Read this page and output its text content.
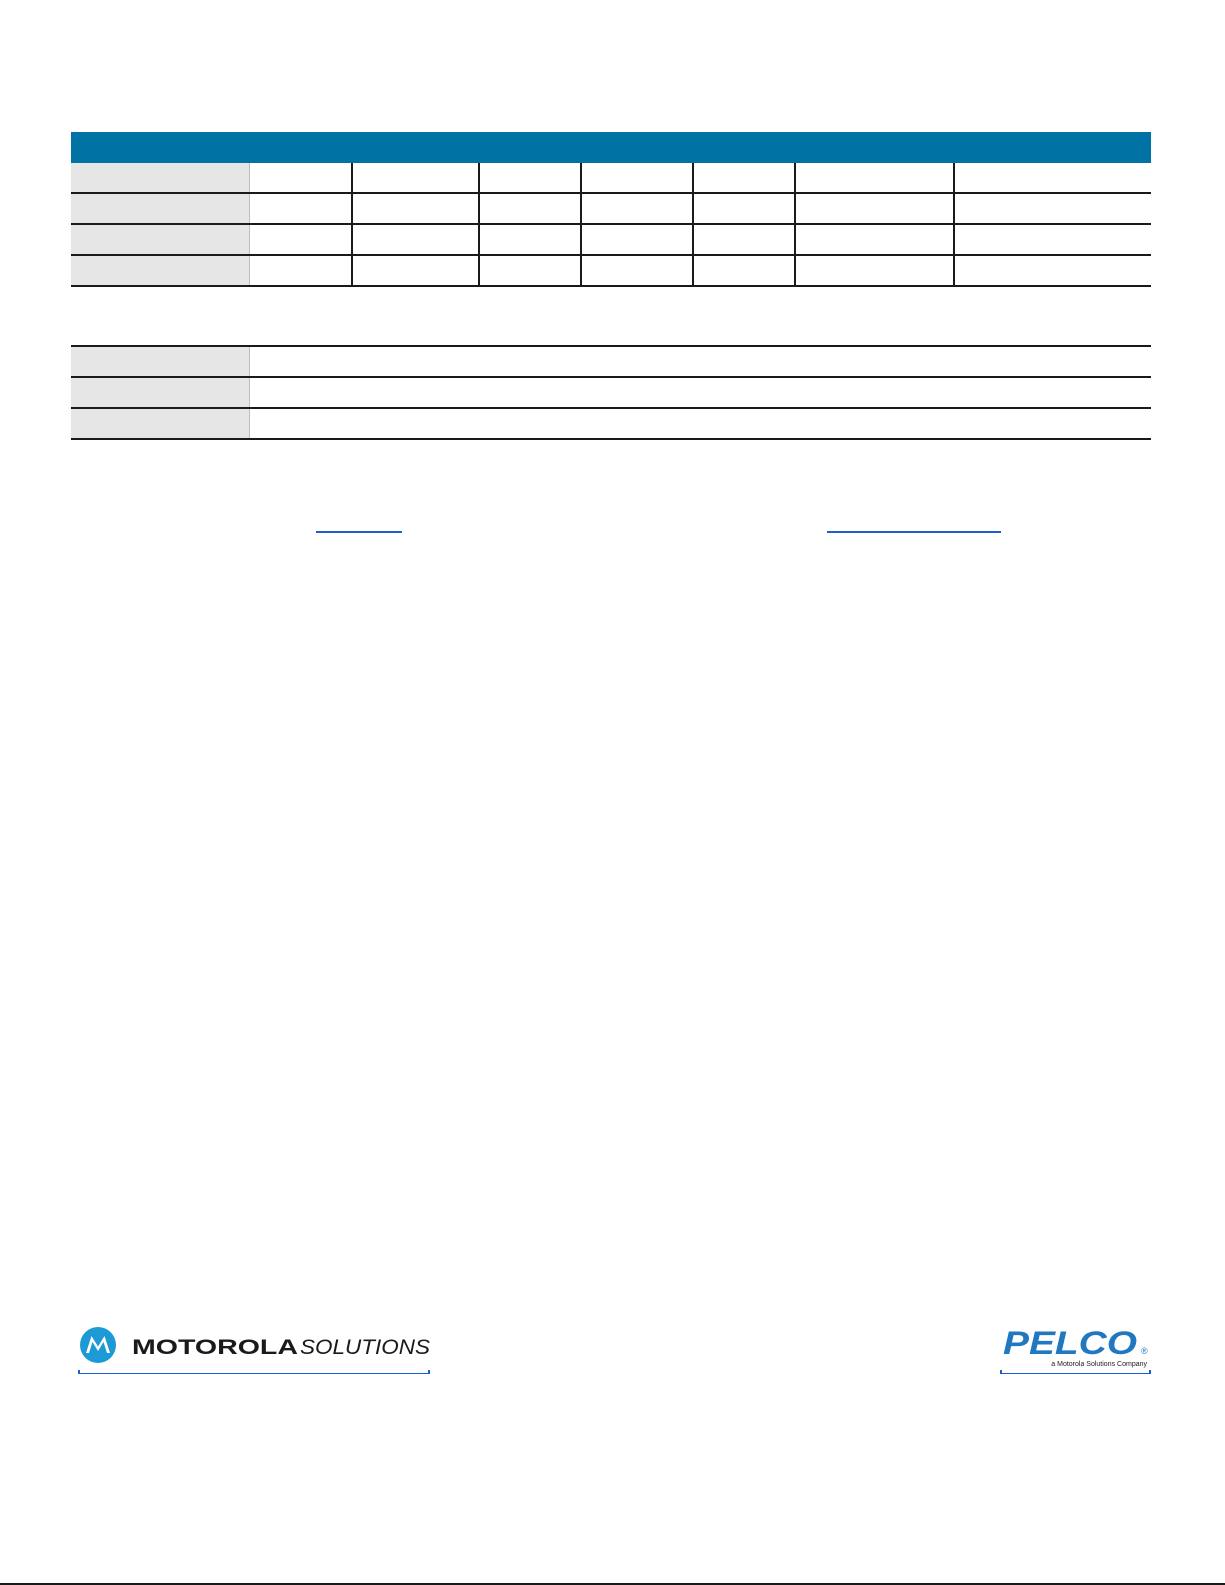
MOTOROLA SOLUTIONS	PELCO ®
a Motorola Solutions Company
